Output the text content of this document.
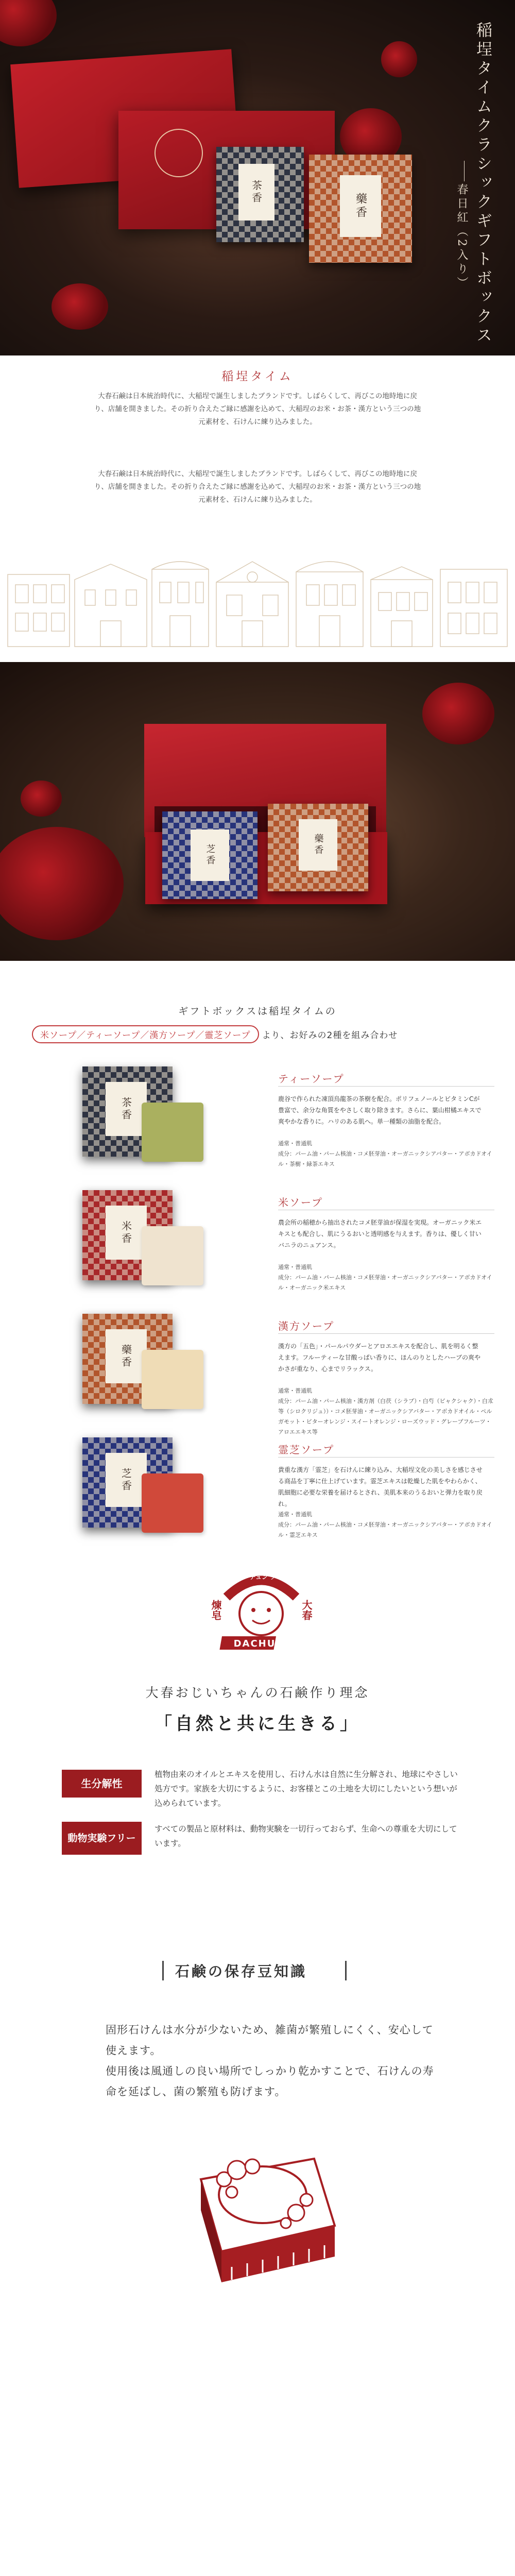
茶香
藥香	稲埕タイムクラシックギフトボックス
春日紅（2入り）
稲埕タイム
大春石鹸は日本統治時代に、大稲埕で誕生しましたブランドです。しばらくして、再びこの地時地に戻り、店舗を開きました。その折り合えたご縁に感謝を込めて、大稲埕のお米・お茶・漢方という三つの地元素材を、石けんに練り込みました。
大春石鹸は日本統治時代に、大稲埕で誕生しましたブランドです。しばらくして、再びこの地時地に戻り、店舗を開きました。その折り合えたご縁に感謝を込めて、大稲埕のお米・お茶・漢方という三つの地元素材を、石けんに練り込みました。
芝香	藥香
ギフトボックスは稲埕タイムの
米ソープ／ティーソープ／漢方ソープ／靈芝ソープ	より、お好みの2種を組み合わせ
茶香
ティーソープ

鹿谷で作られた凍頂烏龍茶の茶樹を配合。ポリフェノールとビタミンCが豊富で、余分な角質をやさしく取り除きます。さらに、葉山柑橘エキスで爽やかな香りに。ハリのある肌へ。単一種類の油脂を配合。

通常・普通肌

成分：パーム油・パーム核油・コメ胚芽油・オーガニックシアバター・アボカドオイル・茶樹・緑茶エキス

米香
米ソープ

農会所の稲穂から抽出されたコメ胚芽油が保湿を実現。オーガニック米エキスとも配合し、肌にうるおいと透明感を与えます。香りは、優しく甘いバニラのニュアンス。

通常・普通肌

成分：パーム油・パーム核油・コメ胚芽油・オーガニックシアバター・アボカドオイル・オーガニック米エキス

藥香
漢方ソープ

漢方の「五色」・パールパウダーとアロエエキスを配合し、肌を明るく整えます。フルーティーな甘酸っぱい香りに、ほんのりとしたハーブの爽やかさが重なり、心までリラックス。

通常・普通肌

成分：パーム油・パーム核油・漢方剤（白茯（シラブ）・白芍（ビャクシャク）・白朮等（シロクリジュ））・コメ胚芽油・オーガニックシアバター・アボカドオイル・ペルガモット・ビターオレンジ・スイートオレンジ・ローズウッド・グレープフルーツ・アロエエキス等

ダーチュン ソープ
煉皂	大春
DACHUN
大春おじいちゃんの石鹸作り理念
「自然と共に生きる」
生分解性
植物由来のオイルとエキスを使用し、石けん水は自然に生分解され、地球にやさしい処方です。家族を大切にするように、お客様とこの土地を大切にしたいという想いが込められています。
動物実験フリー
すべての製品と原材料は、動物実験を一切行っておらず、生命への尊重を大切にしています。
石鹸の保存豆知識
固形石けんは水分が少ないため、雑菌が繁殖しにくく、安心して使えます。
使用後は風通しの良い場所でしっかり乾かすことで、石けんの寿命を延ばし、菌の繁殖も防げます。
芝香
霊芝ソープ

貴重な漢方「霊芝」を石けんに練り込み、大稲埕文化の美しさを感じさせる商品を丁寧に仕上げています。霊芝エキスは乾燥した肌をやわらかく、肌細胞に必要な栄養を届けるとされ、美肌本来のうるおいと弾力を取り戻れ。

通常・普通肌

成分：パーム油・パーム核油・コメ胚芽油・オーガニックシアバター・アボカドオイル・霊芝エキス
